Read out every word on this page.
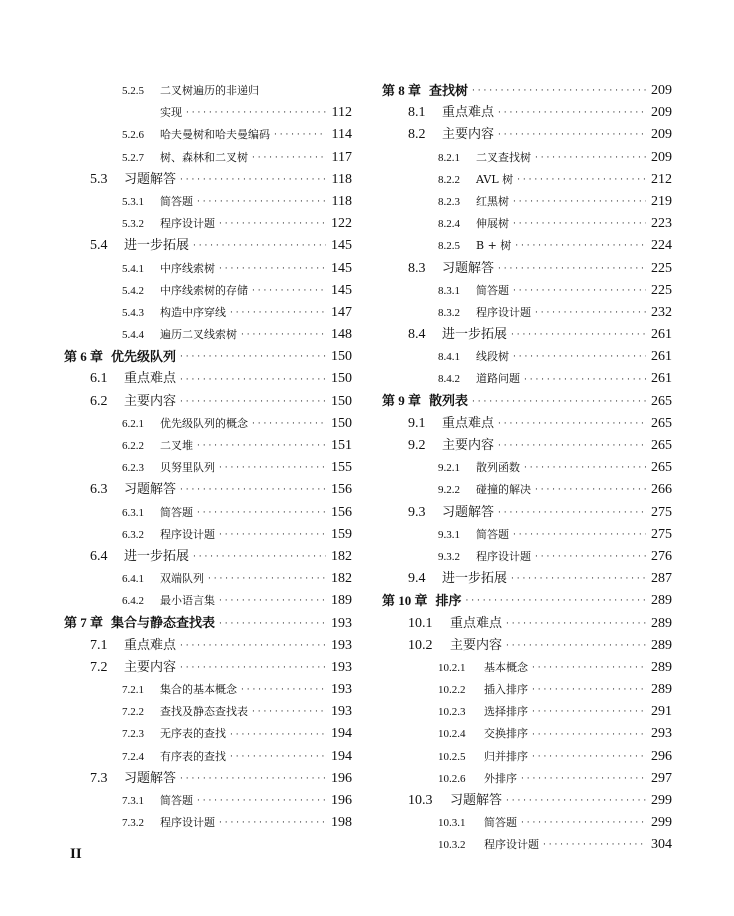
5.2.5 二叉树遍历的非递归
实现 · · ·	112
5.2.6 哈夫曼树和哈夫曼编码 · · ·	114
5.2.7 树、森林和二叉树 · · ·	117
5.3 习题解答 · · ·	118
5.3.1 简答题 · · ·	118
5.3.2 程序设计题 · · ·	122
5.4 进一步拓展 · · ·	145
5.4.1 中序线索树 · · ·	145
5.4.2 中序线索树的存储 · · ·	145
5.4.3 构造中序穿线 · · ·	147
5.4.4 遍历二叉线索树 · · ·	148
第 6 章 优先级队列 · · ·	150
6.1 重点难点 · · ·	150
6.2 主要内容 · · ·	150
6.2.1 优先级队列的概念 · · ·	150
6.2.2 二叉堆 · · ·	151
6.2.3 贝努里队列 · · ·	155
6.3 习题解答 · · ·	156
6.3.1 简答题 · · ·	156
6.3.2 程序设计题 · · ·	159
6.4 进一步拓展 · · ·	182
6.4.1 双端队列 · · ·	182
6.4.2 最小语言集 · · ·	189
第 7 章 集合与静态查找表 · · ·	193
7.1 重点难点 · · ·	193
7.2 主要内容 · · ·	193
7.2.1 集合的基本概念 · · ·	193
7.2.2 查找及静态查找表 · · ·	193
7.2.3 无序表的查找 · · ·	194
7.2.4 有序表的查找 · · ·	194
7.3 习题解答 · · ·	196
7.3.1 简答题 · · ·	196
7.3.2 程序设计题 · · ·	198
第 8 章 查找树 · · ·	209
8.1 重点难点 · · ·	209
8.2 主要内容 · · ·	209
8.2.1 二叉查找树 · · ·	209
8.2.2 AVL 树 · · ·	212
8.2.3 红黑树 · · ·	219
8.2.4 伸展树 · · ·	223
8.2.5 B + 树 · · ·	224
8.3 习题解答 · · ·	225
8.3.1 简答题 · · ·	225
8.3.2 程序设计题 · · ·	232
8.4 进一步拓展 · · ·	261
8.4.1 线段树 · · ·	261
8.4.2 道路问题 · · ·	261
第 9 章 散列表 · · ·	265
9.1 重点难点 · · ·	265
9.2 主要内容 · · ·	265
9.2.1 散列函数 · · ·	265
9.2.2 碰撞的解决 · · ·	266
9.3 习题解答 · · ·	275
9.3.1 简答题 · · ·	275
9.3.2 程序设计题 · · ·	276
9.4 进一步拓展 · · ·	287
第 10 章 排序 · · ·	289
10.1 重点难点 · · ·	289
10.2 主要内容 · · ·	289
10.2.1 基本概念 · · ·	289
10.2.2 插入排序 · · ·	289
10.2.3 选择排序 · · ·	291
10.2.4 交换排序 · · ·	293
10.2.5 归并排序 · · ·	296
10.2.6 外排序 · · ·	297
10.3 习题解答 · · ·	299
10.3.1 简答题 · · ·	299
10.3.2 程序设计题 · · ·	304
II
